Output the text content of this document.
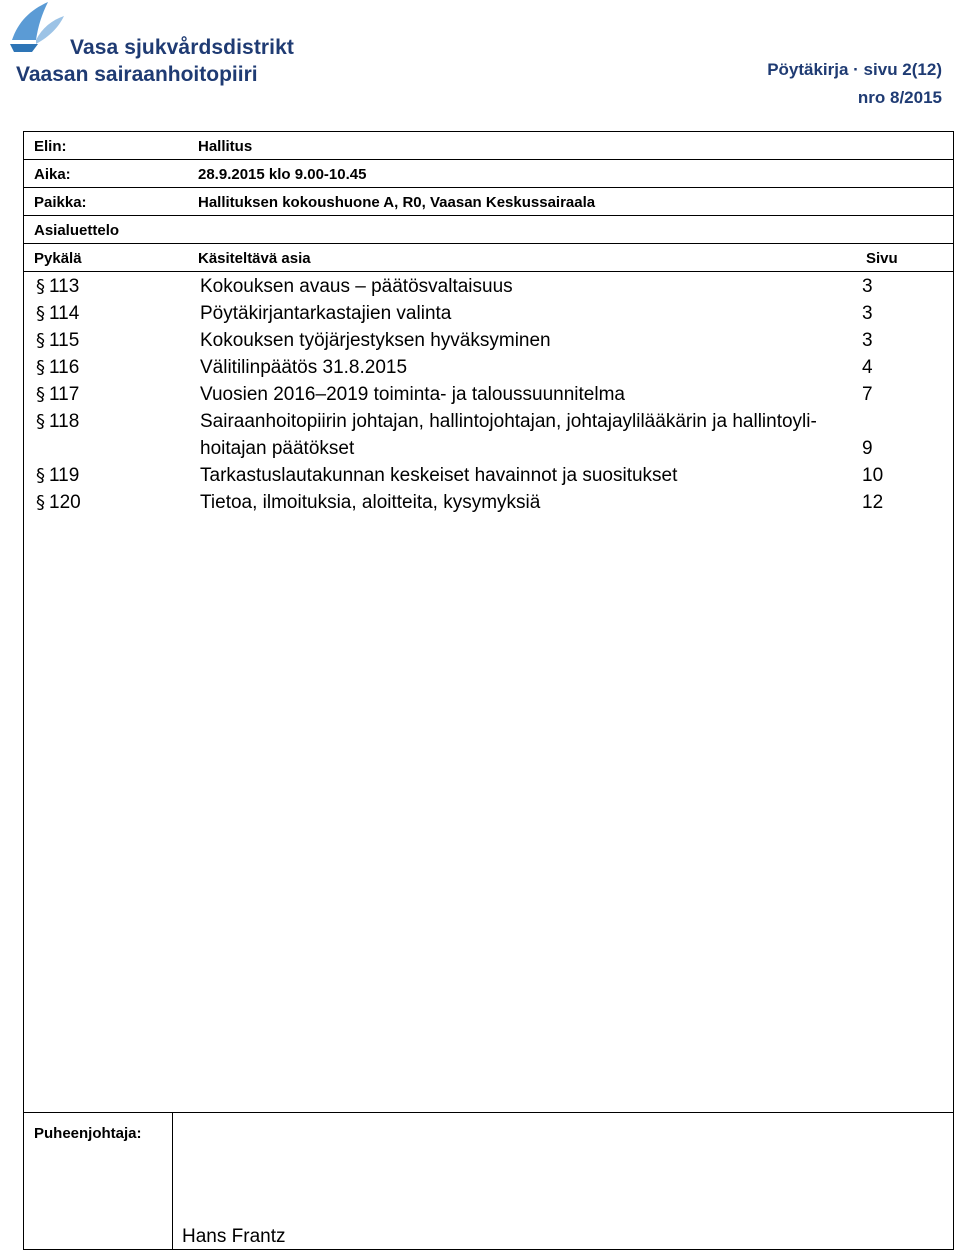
Vasa sjukvårdsdistrikt
Vaasan sairaanhoitopiiri	Pöytäkirja · sivu 2(12)
nro 8/2015
Elin:	Hallitus
Aika:	28.9.2015 klo 9.00-10.45
Paikka:	Hallituksen kokoushuone A, R0, Vaasan Keskussairaala
Asialuettelo
Pykälä	Käsiteltävä asia	Sivu
§ 113	Kokouksen avaus – päätösvaltaisuus	3
§ 114	Pöytäkirjantarkastajien valinta	3
§ 115	Kokouksen työjärjestyksen hyväksyminen	3
§ 116	Välitilinpäätös 31.8.2015	4
§ 117	Vuosien 2016–2019 toiminta- ja taloussuunnitelma	7
§ 118	Sairaanhoitopiirin johtajan, hallintojohtajan, johtajaylilääkärin ja hallintoyli-
hoitajan päätökset	9
§ 119	Tarkastuslautakunnan keskeiset havainnot ja suositukset	10
§ 120	Tietoa, ilmoituksia, aloitteita, kysymyksiä	12
Puheenjohtaja:
Hans Frantz
